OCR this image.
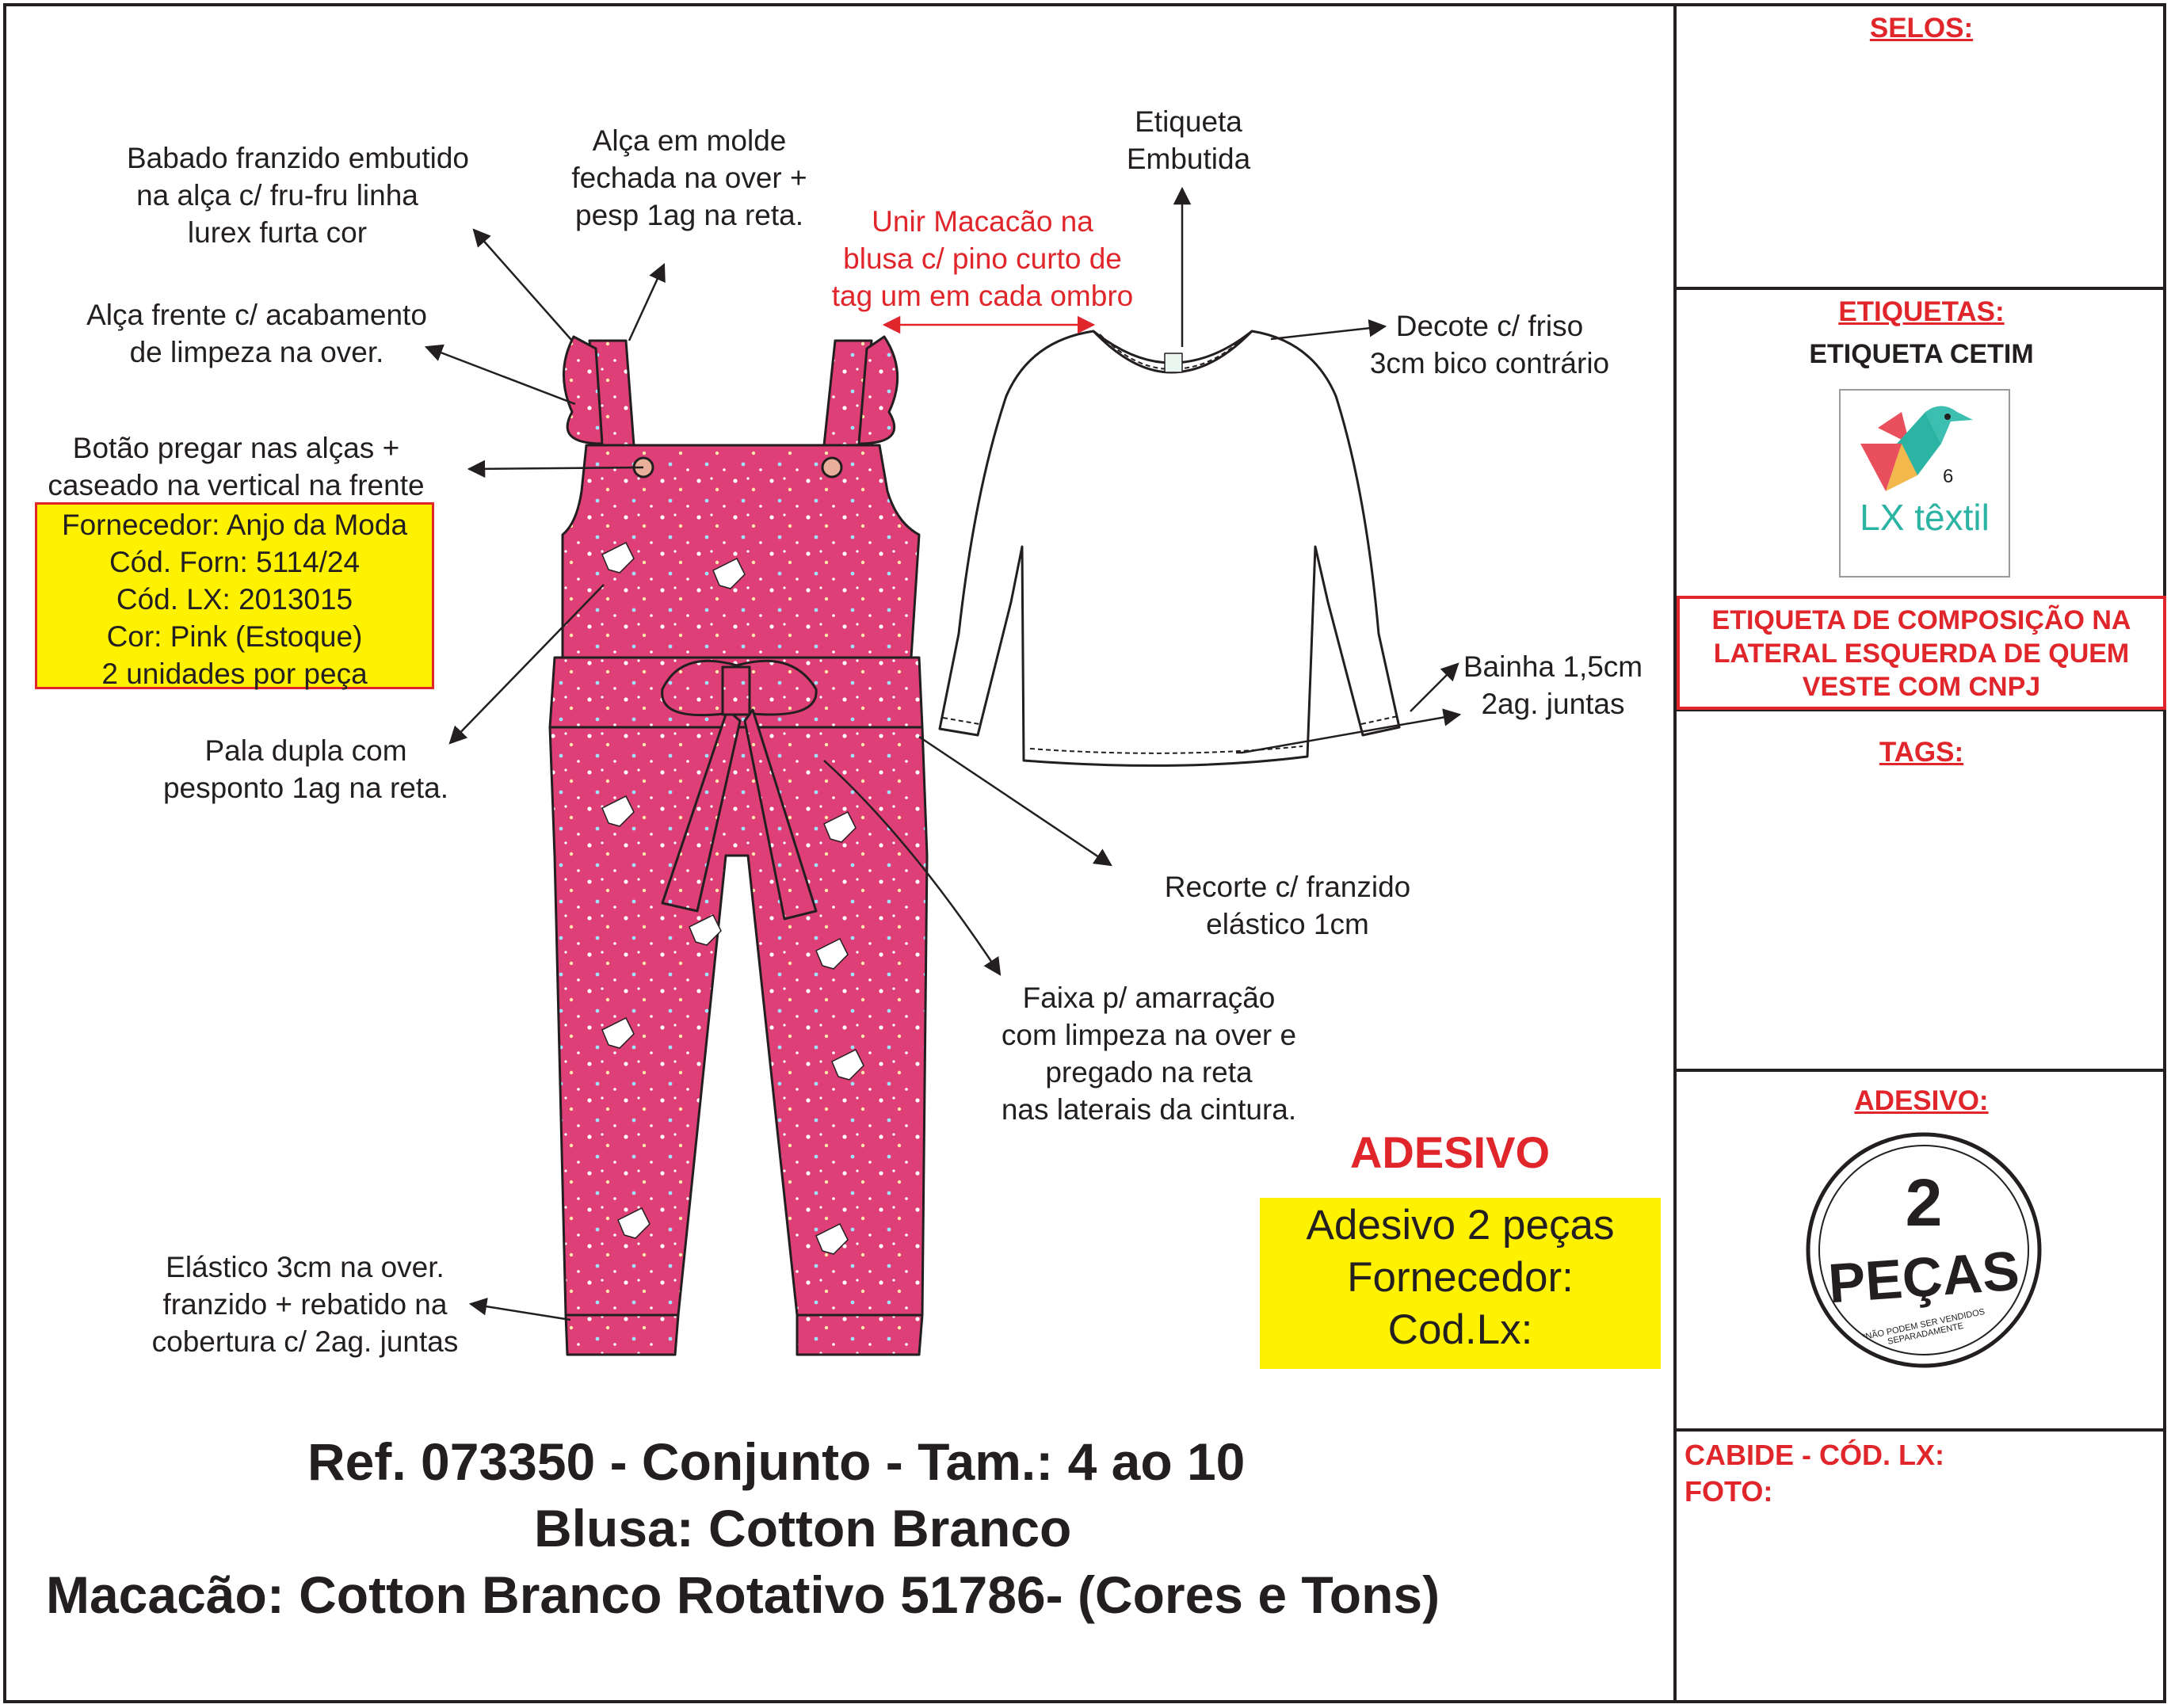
Babado franzido embutido
na alça c/ fru-fru linha
lurex furta cor
Alça em molde
fechada na over +
pesp 1ag na reta.
Alça frente c/ acabamento
de limpeza na over.
Botão pregar nas alças +
caseado na vertical na frente
Fornecedor: Anjo da Moda
Cód. Forn: 5114/24
Cód. LX: 2013015
Cor: Pink (Estoque)
2 unidades por peça
Pala dupla com
pesponto 1ag na reta.
Elástico 3cm na over.
franzido + rebatido na
cobertura c/ 2ag. juntas
Etiqueta
Embutida
Unir Macacão na
blusa c/ pino curto de
tag um em cada ombro
Decote c/ friso
3cm bico contrário
Bainha 1,5cm
2ag. juntas
Recorte c/ franzido
elástico 1cm
Faixa p/ amarração
com limpeza na over e
pregado na reta
nas laterais da cintura.
ADESIVO
Adesivo 2 peças
Fornecedor:
Cod.Lx:
Ref. 073350 - Conjunto - Tam.: 4 ao 10
Blusa: Cotton Branco
Macacão: Cotton Branco Rotativo 51786- (Cores e Tons)
SELOS:
ETIQUETAS:
ETIQUETA CETIM
6
LX têxtil
ETIQUETA DE COMPOSIÇÃO NA
LATERAL ESQUERDA DE QUEM
VESTE COM CNPJ
TAGS:
ADESIVO:
2
PEÇAS
*NÃO PODEM SER VENDIDOS SEPARADAMENTE
CABIDE - CÓD. LX:
FOTO:
